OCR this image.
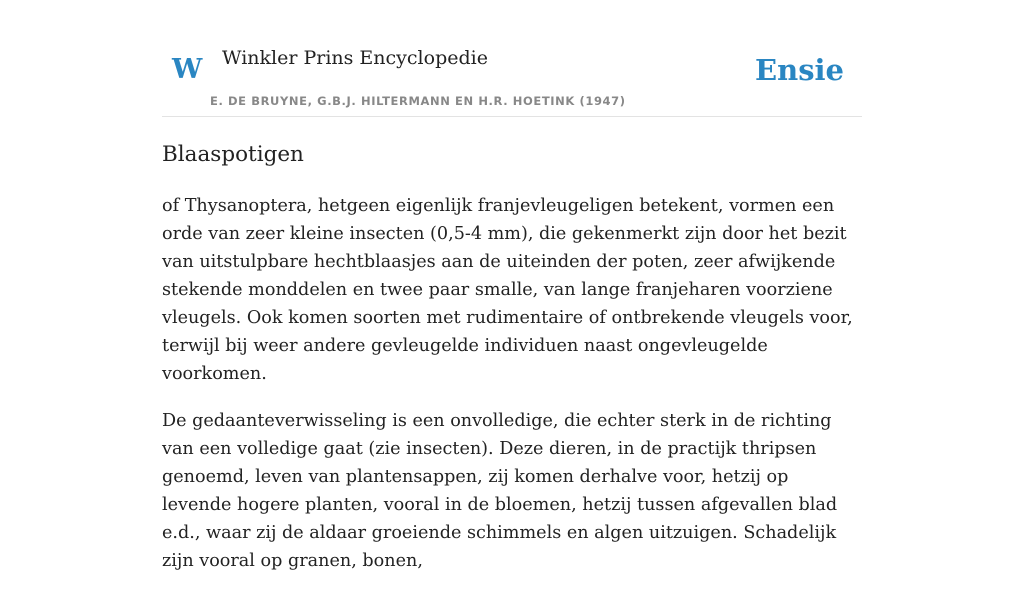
W Winkler Prins Encyclopedie
E. DE BRUYNE, G.B.J. HILTERMANN EN H.R. HOETINK (1947)
Ensie
Blaaspotigen

of Thysanoptera, hetgeen eigenlijk franjevleugeligen betekent, vormen een orde van zeer kleine insecten (0,5-4 mm), die gekenmerkt zijn door het bezit van uitstulpbare hechtblaasjes aan de uiteinden der poten, zeer afwijkende stekende monddelen en twee paar smalle, van lange franjeharen voorziene vleugels. Ook komen soorten met rudimentaire of ontbrekende vleugels voor, terwijl bij weer andere gevleugelde individuen naast ongevleugelde voorkomen.

De gedaanteverwisseling is een onvolledige, die echter sterk in de richting van een volledige gaat (zie insecten). Deze dieren, in de practijk thripsen genoemd, leven van plantensappen, zij komen derhalve voor, hetzij op levende hogere planten, vooral in de bloemen, hetzij tussen afgevallen blad e.d., waar zij de aldaar groeiende schimmels en algen uitzuigen. Schadelijk zijn vooral op granen, bonen,
